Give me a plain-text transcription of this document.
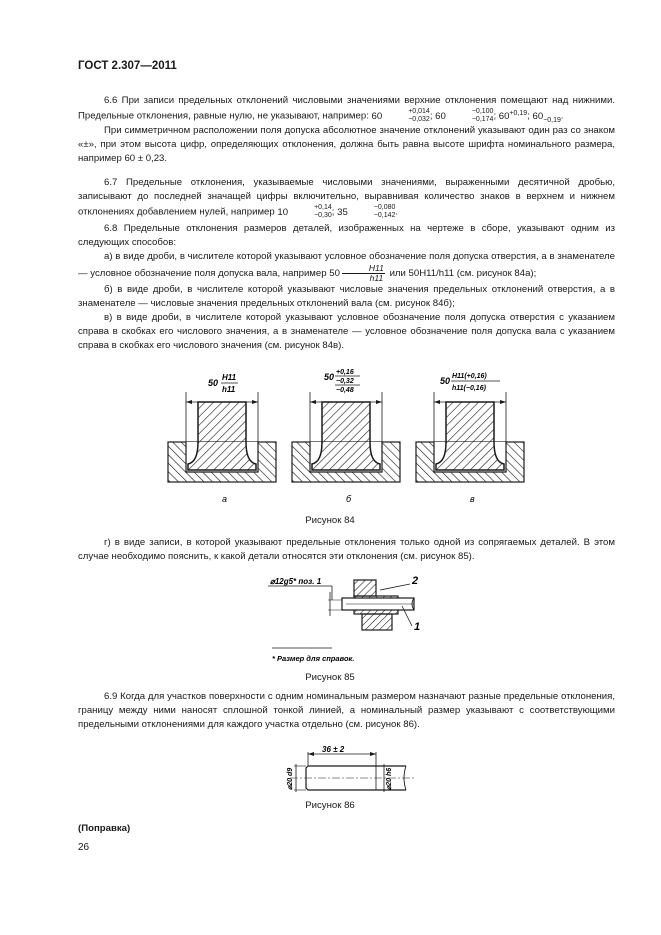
ГОСТ 2.307—2011

6.6 При записи предельных отклонений числовыми значениями верхние отклонения помещают над нижними. Предельные отклонения, равные нулю, не указывают, например: 60	+0,014
−0,032 ; 60	−0,100
−0,174 ; $60^{+0,19}$; $60_{-0,19}$.

При симметричном расположении поля допуска абсолютное значение отклонений указывают один раз со знаком «±», при этом высота цифр, определяющих отклонения, должна быть равна высоте шрифта номинального размера, например 60 ± 0,23.

6.7 Предельные отклонения, указываемые числовыми значениями, выраженными десятичной дробью, записывают до последней значащей цифры включительно, выравнивая количество знаков в верхнем и нижнем отклонениях добавлением нулей, например 10	+0,14
−0,30 ; 35	−0,080
−0,142 .

6.8 Предельные отклонения размеров деталей, изображенных на чертеже в сборе, указывают одним из следующих способов:

а) в виде дроби, в числителе которой указывают условное обозначение поля допуска отверстия, а в знаменателе — условное обозначение поля допуска вала, например $50 \frac{H11}{h11}$ или 50H11/h11 (см. рисунок 84а);

б) в виде дроби, в числителе которой указывают числовые значения предельных отклонений отверстия, а в знаменателе — числовые значения предельных отклонений вала (см. рисунок 84б);

в) в виде дроби, в числителе которой указывают условное обозначение поля допуска отверстия с указанием справа в скобках его числового значения, а в знаменателе — условное обозначение поля допуска вала с указанием справа в скобках его числового значения (см. рисунок 84в).

50
H11
h11
а
50 +0,16
−0,32
−0,48
б
50 H11(+0,16)
h11(−0,16)
в
Рисунок 84

г) в виде записи, в которой указывают предельные отклонения только одной из сопрягаемых деталей. В этом случае необходимо пояснить, к какой детали относятся эти отклонения (см. рисунок 85).

⌀12g5* поз. 1	2
1
* Размер для справок.
Рисунок 85

6.9 Когда для участков поверхности с одним номинальным размером назначают разные предельные отклонения, границу между ними наносят сплошной тонкой линией, а номинальный размер указывают с соответствующими предельными отклонениями для каждого участка отдельно (см. рисунок 86).

36 ± 2
⌀20 d9	⌀20 h6
Рисунок 86
(Поправка)
26
